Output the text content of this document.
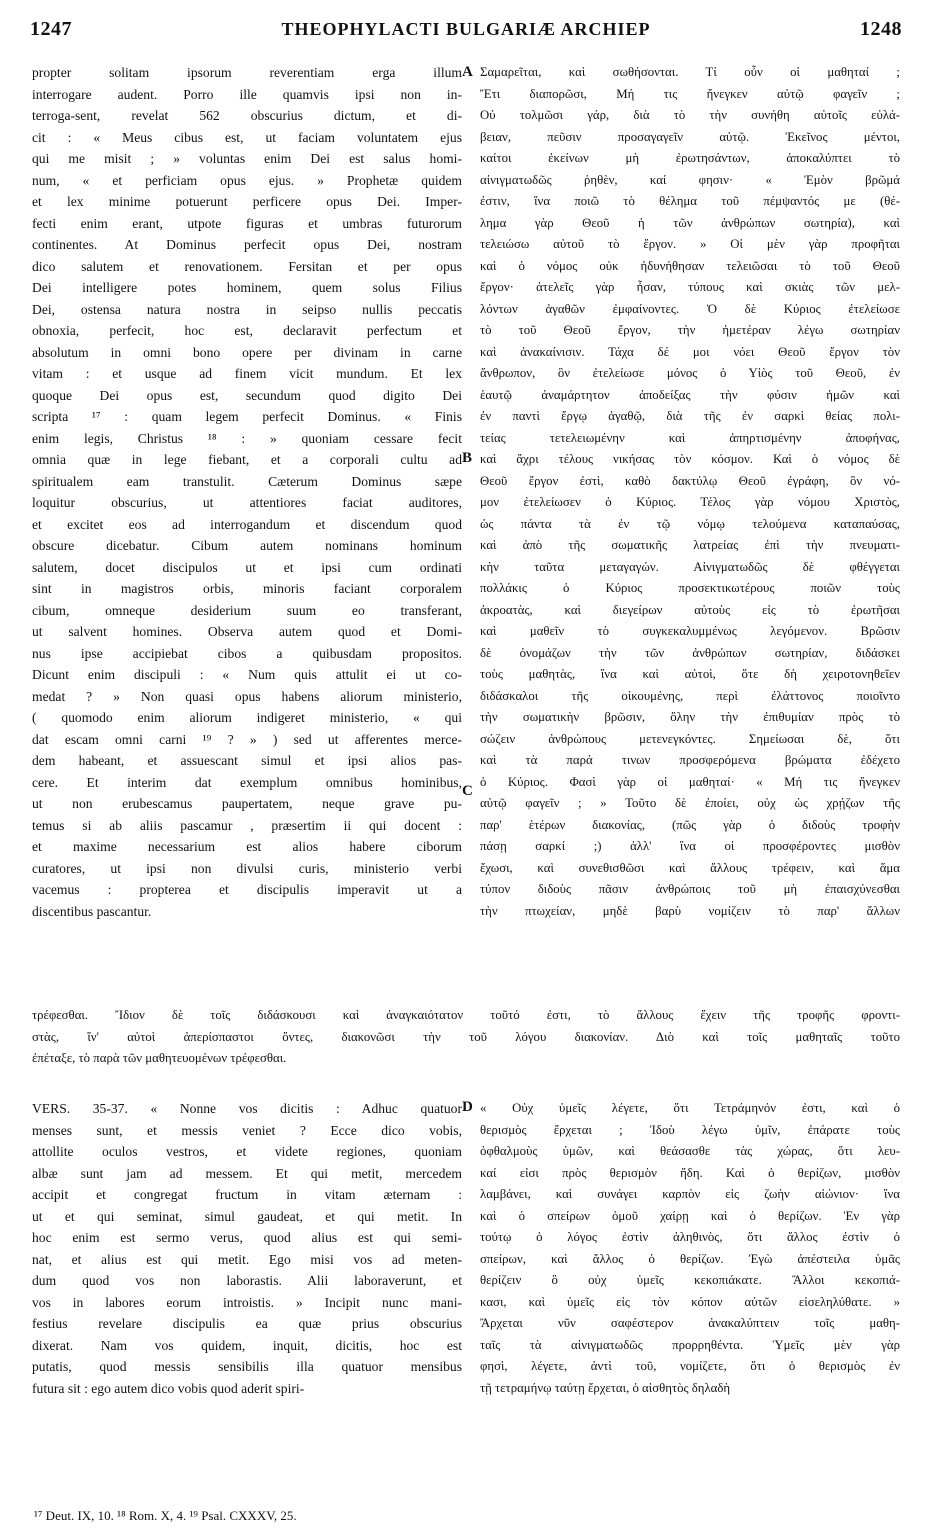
1247	THEOPHYLACTI BULGARIÆ ARCHIEP	1248

propter solitam ipsorum reverentiam erga illum

interrogare audent. Porro ille quamvis ipsi non in-

terroga-sent, revelat 562 obscurius dictum, et di-

cit : « Meus cibus est, ut faciam voluntatem ejus

qui me misit ; » voluntas enim Dei est salus homi-

num, « et perficiam opus ejus. » Prophetæ quidem

et lex minime potuerunt perficere opus Dei. Imper-

fecti enim erant, utpote figuras et umbras futurorum

continentes. At Dominus perfecit opus Dei, nostram

dico salutem et renovationem. Fersitan et per opus

Dei intelligere potes hominem, quem solus Filius

Dei, ostensa natura nostra in seipso nullis peccatis

obnoxia, perfecit, hoc est, declaravit perfectum et

absolutum in omni bono opere per divinam in carne

vitam : et usque ad finem vicit mundum. Et lex

quoque Dei opus est, secundum quod digito Dei

scripta ¹⁷ : quam legem perfecit Dominus. « Finis

enim legis, Christus ¹⁸ : » quoniam cessare fecit

omnia quæ in lege fiebant, et a corporali cultu ad

spiritualem eam transtulit. Cæterum Dominus sæpe

loquitur obscurius, ut attentiores faciat auditores,

et excitet eos ad interrogandum et discendum quod

obscure dicebatur. Cibum autem nominans hominum

salutem, docet discipulos ut et ipsi cum ordinati

sint in magistros orbis, minoris faciant corporalem

cibum, omneque desiderium suum eo transferant,

ut salvent homines. Observa autem quod et Domi-

nus ipse accipiebat cibos a quibusdam propositos.

Dicunt enim discipuli : « Num quis attulit ei ut co-

medat ? » Non quasi opus habens aliorum ministerio,

( quomodo enim aliorum indigeret ministerio, « qui

dat escam omni carni ¹⁹ ? » ) sed ut afferentes merce-

dem habeant, et assuescant simul et ipsi alios pas-

cere. Et interim dat exemplum omnibus hominibus,

ut non erubescamus paupertatem, neque grave pu-

temus si ab aliis pascamur , præsertim ii qui docent :

et maxime necessarium est alios habere ciborum

curatores, ut ipsi non divulsi curis, ministerio verbi

vacemus : propterea et discipulis imperavit ut a

discentibus pascantur.

Σαμαρεῖται, καὶ σωθήσονται. Τί οὖν οἱ μαθηταί ;

Ἔτι διαπορῶσι, Μή τις ἤνεγκεν αὐτῷ φαγεῖν ;

Οὐ τολμῶσι γάρ, διὰ τὸ τὴν συνήθη αὐτοῖς εὐλά-

βειαν, πεῦσιν προσαγαγεῖν αὐτῷ. Ἐκεῖνος μέντοι,

καίτοι ἐκείνων μὴ ἐρωτησάντων, ἀποκαλύπτει τὸ

αἰνιγματωδῶς ῥηθὲν, καί φησιν· « Ἐμὸν βρῶμά

ἐστιν, ἵνα ποιῶ τὸ θέλημα τοῦ πέμψαντός με (θέ-

λημα γὰρ Θεοῦ ἡ τῶν ἀνθρώπων σωτηρία), καὶ

τελειώσω αὐτοῦ τὸ ἔργον. » Οἱ μὲν γὰρ προφῆται

καὶ ὁ νόμος οὐκ ἠδυνήθησαν τελειῶσαι τὸ τοῦ Θεοῦ

ἔργον· ἀτελεῖς γὰρ ἦσαν, τύπους καὶ σκιὰς τῶν μελ-

λόντων ἀγαθῶν ἐμφαίνοντες. Ὁ δὲ Κύριος ἐτελείωσε

τὸ τοῦ Θεοῦ ἔργον, τὴν ἡμετέραν λέγω σωτηρίαν

καὶ ἀνακαίνισιν. Τάχα δέ μοι νόει Θεοῦ ἔργον τὸν

ἄνθρωπον, ὃν ἐτελείωσε μόνος ὁ Υἱὸς τοῦ Θεοῦ, ἐν

ἑαυτῷ ἀναμάρτητον ἀποδείξας τὴν φύσιν ἡμῶν καὶ

ἐν παντὶ ἔργῳ ἀγαθῷ, διὰ τῆς ἐν σαρκὶ θείας πολι-

τείας τετελειωμένην καὶ ἀπηρτισμένην ἀποφήνας,

καὶ ἄχρι τέλους νικήσας τὸν κόσμον. Καὶ ὁ νόμος δὲ

Θεοῦ ἔργον ἐστὶ, καθὸ δακτύλῳ Θεοῦ ἐγράφη, ὃν νό-

μον ἐτελείωσεν ὁ Κύριος. Τέλος γὰρ νόμου Χριστὸς,

ὡς πάντα τὰ ἐν τῷ νόμῳ τελούμενα καταπαύσας,

καὶ ἀπὸ τῆς σωματικῆς λατρείας ἐπὶ τὴν πνευματι-

κὴν ταῦτα μεταγαγών. Αἰνιγματωδῶς δὲ φθέγγεται

πολλάκις ὁ Κύριος προσεκτικωτέρους ποιῶν τοὺς

ἀκροατὰς, καὶ διεγείρων αὐτοὺς εἰς τὸ ἐρωτῆσαι

καὶ μαθεῖν τὸ συγκεκαλυμμένως λεγόμενον. Βρῶσιν

δὲ ὀνομάζων τὴν τῶν ἀνθρώπων σωτηρίαν, διδάσκει

τοὺς μαθητὰς, ἵνα καὶ αὐτοὶ, ὅτε δὴ χειροτονηθεῖεν

διδάσκαλοι τῆς οἰκουμένης, περὶ ἐλάττονος ποιοῖντο

τὴν σωματικὴν βρῶσιν, ὅλην τὴν ἐπιθυμίαν πρὸς τὸ

σώζειν ἀνθρώπους μετενεγκόντες. Σημείωσαι δὲ, ὅτι

καὶ τὰ παρά τινων προσφερόμενα βρώματα ἐδέχετο

ὁ Κύριος. Φασὶ γὰρ οἱ μαθηταί· « Μή τις ἤνεγκεν

αὐτῷ φαγεῖν ; » Τοῦτο δὲ ἐποίει, οὐχ ὡς χρῄζων τῆς

παρ' ἑτέρων διακονίας, (πῶς γὰρ ὁ διδοὺς τροφὴν

πάσῃ σαρκί ;) ἀλλ' ἵνα οἱ προσφέροντες μισθὸν

ἔχωσι, καὶ συνεθισθῶσι καὶ ἄλλους τρέφειν, καὶ ἅμα

τύπον διδοὺς πᾶσιν ἀνθρώποις τοῦ μὴ ἐπαισχύνεσθαι

τὴν πτωχείαν, μηδὲ βαρὺ νομίζειν τὸ παρ' ἄλλων

A
B
C
D

τρέφεσθαι. Ἴδιον δὲ τοῖς διδάσκουσι καὶ ἀναγκαιότατον τοῦτό ἐστι, τὸ ἄλλους ἔχειν τῆς τροφῆς φροντι-

στὰς, ἵν' αὐτοὶ ἀπερίσπαστοι ὄντες, διακονῶσι τὴν τοῦ λόγου διακονίαν. Διὸ καὶ τοῖς μαθηταῖς τοῦτο

ἐπέταξε, τὸ παρὰ τῶν μαθητευομένων τρέφεσθαι.

VERS. 35-37. « Nonne vos dicitis : Adhuc quatuor

menses sunt, et messis veniet ? Ecce dico vobis,

attollite oculos vestros, et videte regiones, quoniam

albæ sunt jam ad messem. Et qui metit, mercedem

accipit et congregat fructum in vitam æternam :

ut et qui seminat, simul gaudeat, et qui metit. In

hoc enim est sermo verus, quod alius est qui semi-

nat, et alius est qui metit. Ego misi vos ad meten-

dum quod vos non laborastis. Alii laboraverunt, et

vos in labores eorum introistis. » Incipit nunc mani-

festius revelare discipulis ea quæ prius obscurius

dixerat. Nam vos quidem, inquit, dicitis, hoc est

putatis, quod messis sensibilis illa quatuor mensibus

futura sit : ego autem dico vobis quod aderit spiri-

« Οὐχ ὑμεῖς λέγετε, ὅτι Τετράμηνόν ἐστι, καὶ ὁ

θερισμὸς ἔρχεται ; Ἰδοὺ λέγω ὑμῖν, ἐπάρατε τοὺς

ὀφθαλμοὺς ὑμῶν, καὶ θεάσασθε τὰς χώρας, ὅτι λευ-

καί εἰσι πρὸς θερισμὸν ἤδη. Καὶ ὁ θερίζων, μισθὸν

λαμβάνει, καὶ συνάγει καρπὸν εἰς ζωὴν αἰώνιον· ἵνα

καὶ ὁ σπείρων ὁμοῦ χαίρῃ καὶ ὁ θερίζων. Ἐν γὰρ

τούτῳ ὁ λόγος ἐστὶν ἀληθινὸς, ὅτι ἄλλος ἐστὶν ὁ

σπείρων, καὶ ἄλλος ὁ θερίζων. Ἐγὼ ἀπέστειλα ὑμᾶς

θερίζειν ὃ οὐχ ὑμεῖς κεκοπιάκατε. Ἄλλοι κεκοπιά-

κασι, καὶ ὑμεῖς εἰς τὸν κόπον αὐτῶν εἰσεληλύθατε. »

Ἄρχεται νῦν σαφέστερον ἀνακαλύπτειν τοῖς μαθη-

ταῖς τὰ αἰνιγματωδῶς προρρηθέντα. Ὑμεῖς μὲν γὰρ

φησὶ, λέγετε, ἀντὶ τοῦ, νομίζετε, ὅτι ὁ θερισμὸς ἐν

τῇ τετραμήνῳ ταύτῃ ἔρχεται, ὁ αἰσθητὸς δηλαδὴ

¹⁷ Deut. IX, 10. ¹⁸ Rom. X, 4. ¹⁹ Psal. CXXXV, 25.
